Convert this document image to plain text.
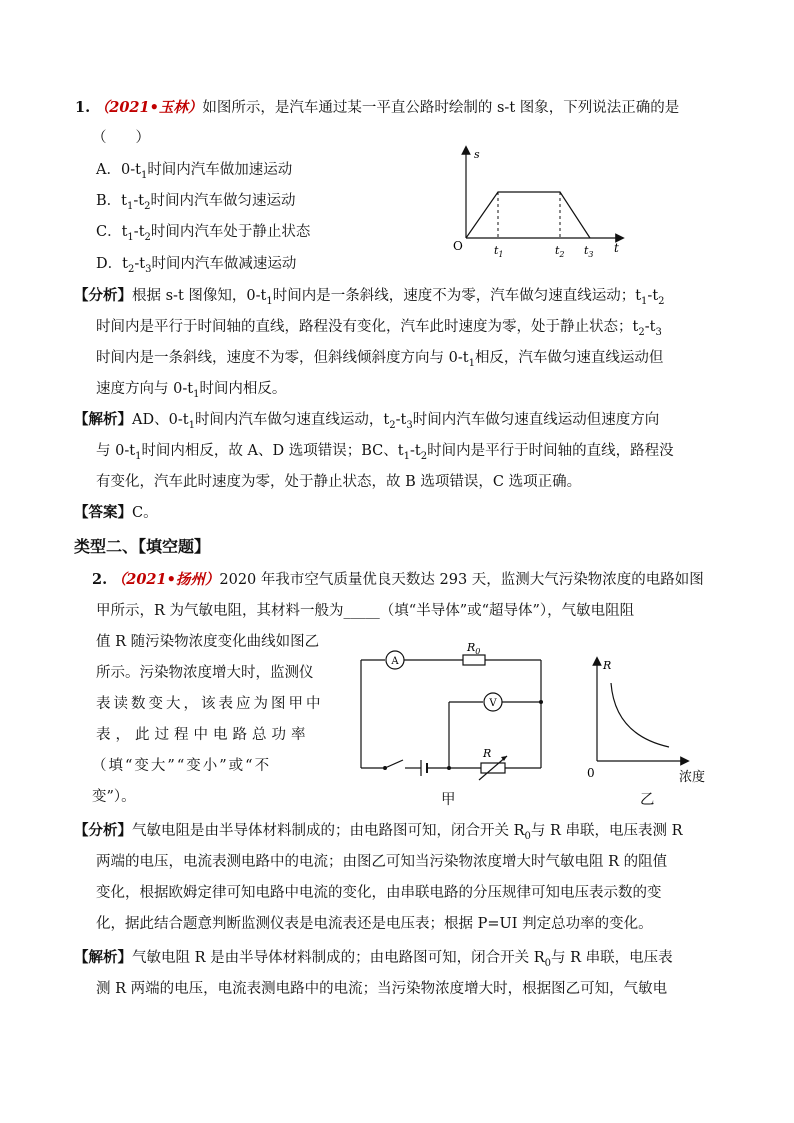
1. （2021•玉林）如图所示，是汽车通过某一平直公路时绘制的 s-t 图象，下列说法正确的是
（　　）
A．$0-t_1$时间内汽车做加速运动
B．$t_1-t_2$时间内汽车做匀速运动
C．$t_1-t_2$时间内汽车处于静止状态
D．$t_2-t_3$时间内汽车做减速运动
s
O	t
$t_1$	$t_2$ $t_3$
【分析】根据 s-t 图像知，$0-t_1$时间内是一条斜线，速度不为零，汽车做匀速直线运动；$t_1-t_2$
时间内是平行于时间轴的直线，路程没有变化，汽车此时速度为零，处于静止状态；$t_2-t_3$
时间内是一条斜线，速度不为零，但斜线倾斜度方向与 $0-t_1$相反，汽车做匀速直线运动但
速度方向与 $0-t_1$时间内相反。
【解析】AD、$0-t_1$时间内汽车做匀速直线运动，$t_2-t_3$时间内汽车做匀速直线运动但速度方向
与 $0-t_1$时间内相反，故 A、D 选项错误；BC、$t_1-t_2$时间内是平行于时间轴的直线，路程没
有变化，汽车此时速度为零，处于静止状态，故 B 选项错误，C 选项正确。
【答案】C。
类型二、【填空题】
2. （2021•扬州）2020 年我市空气质量优良天数达 293 天，监测大气污染物浓度的电路如图
甲所示，R 为气敏电阻，其材料一般为_____（填“半导体”或“超导体”），气敏电阻阻
值 R 随污染物浓度变化曲线如图乙
所示。污染物浓度增大时，监测仪
表读数变大，该表应为图甲中
表，此过程中电路总功率
（填“变大”“变小”或“不
变”）。
A
$R_0$
V
R
R
0	浓度
甲	乙
【分析】气敏电阻是由半导体材料制成的；由电路图可知，闭合开关 $R_0$与 R 串联，电压表测 R
两端的电压，电流表测电路中的电流；由图乙可知当污染物浓度增大时气敏电阻 R 的阻值
变化，根据欧姆定律可知电路中电流的变化，由串联电路的分压规律可知电压表示数的变
化，据此结合题意判断监测仪表是电流表还是电压表；根据 P=UI 判定总功率的变化。
【解析】气敏电阻 R 是由半导体材料制成的；由电路图可知，闭合开关 $R_0$与 R 串联，电压表
测 R 两端的电压，电流表测电路中的电流；当污染物浓度增大时，根据图乙可知，气敏电
